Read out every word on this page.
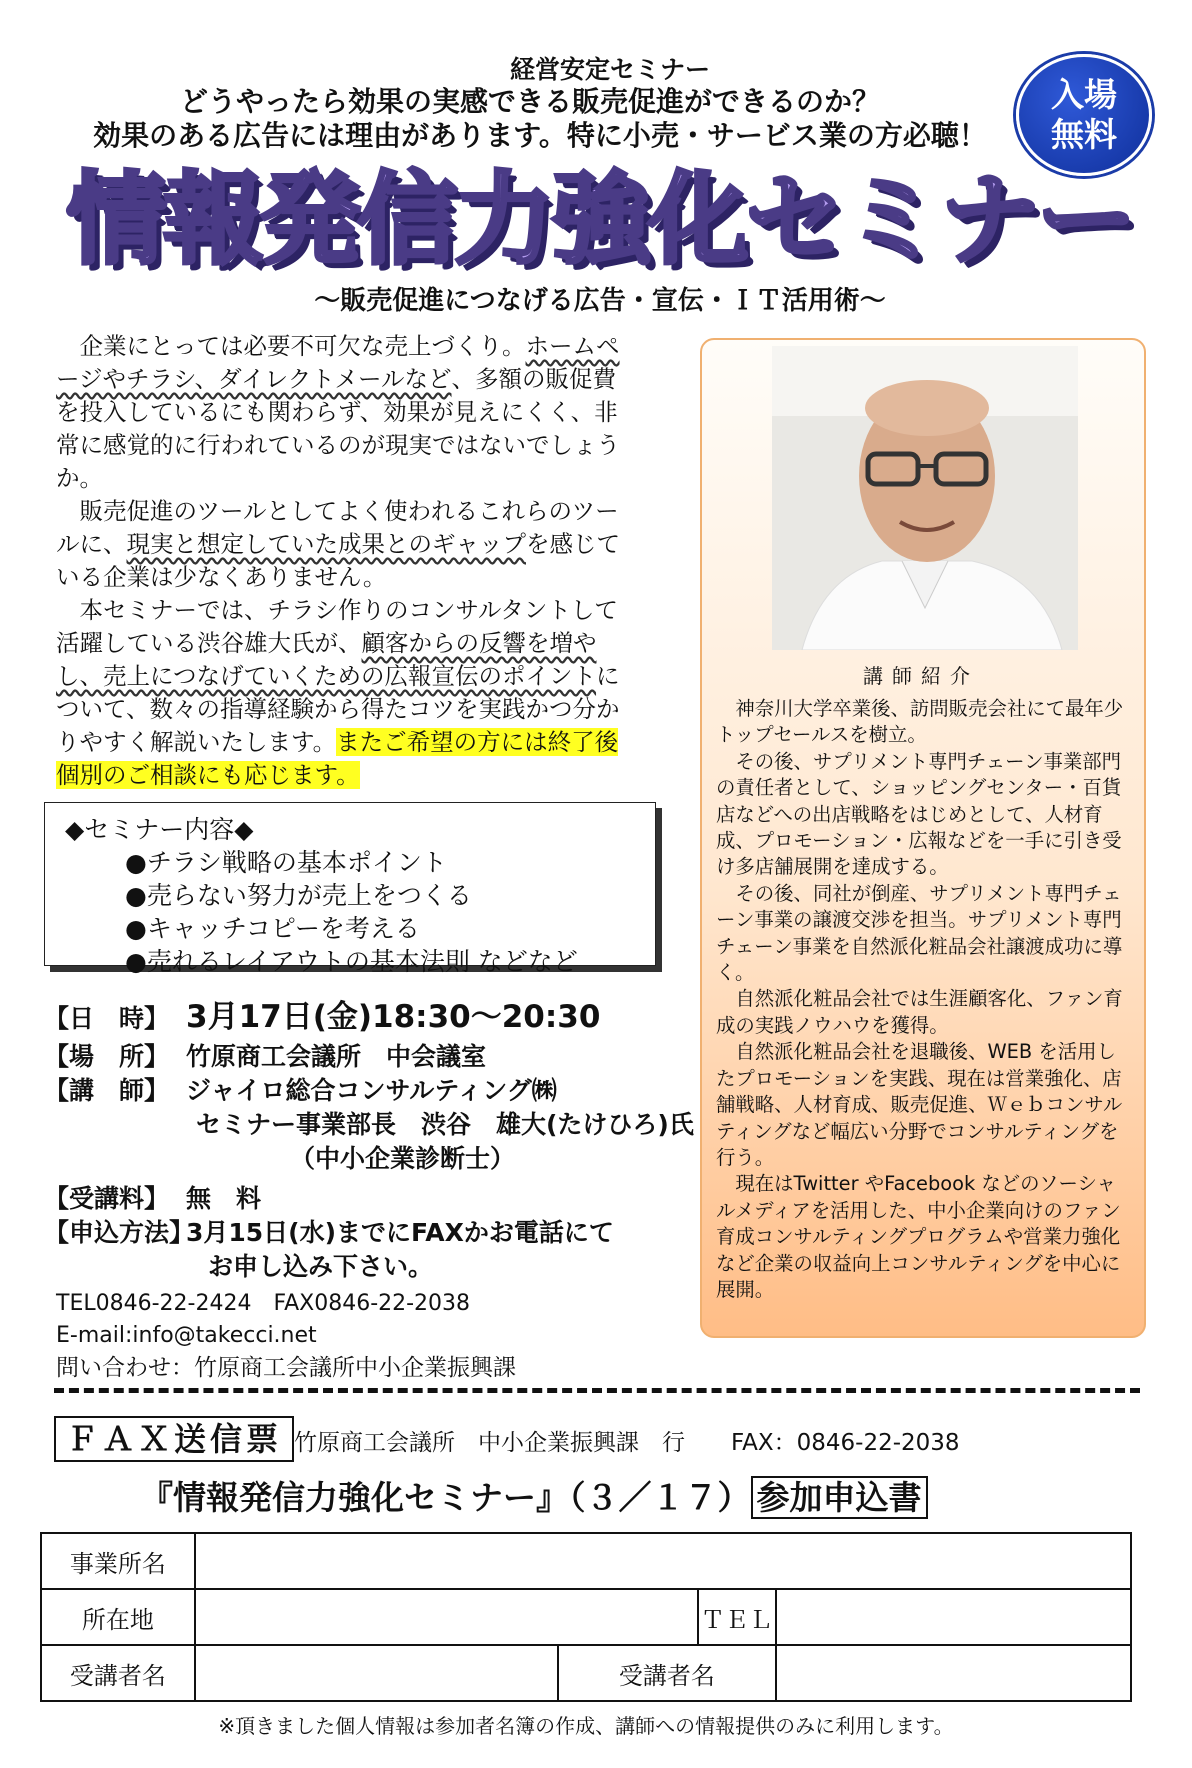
経営安定セミナー
どうやったら効果の実感できる販売促進ができるのか？
効果のある広告には理由があります。特に小売・サービス業の方必聴！
入場
無料
情報発信力強化セミナー
～販売促進につなげる広告・宣伝・ＩＴ活用術～

企業にとっては必要不可欠な売上づくり。ホームページやチラシ、ダイレクトメールなど、多額の販促費を投入しているにも関わらず、効果が見えにくく、非常に感覚的に行われているのが現実ではないでしょうか。

販売促進のツールとしてよく使われるこれらのツールに、現実と想定していた成果とのギャップを感じている企業は少なくありません。

本セミナーでは、チラシ作りのコンサルタントして活躍している渋谷雄大氏が、顧客からの反響を増やし、売上につなげていくための広報宣伝のポイントについて、数々の指導経験から得たコツを実践かつ分かりやすく解説いたします。またご希望の方には終了後個別のご相談にも応じます。

◆セミナー内容◆
●チラシ戦略の基本ポイント
●売らない努力が売上をつくる
●キャッチコピーを考える
●売れるレイアウトの基本法則 などなど
【日　時】 3月17日(金)18:30～20:30
【場　所】 竹原商工会議所　中会議室
【講　師】 ジャイロ総合コンサルティング㈱
セミナー事業部長　渋谷　雄大(たけひろ)氏
（中小企業診断士）
【受講料】 無　料
【申込方法】3月15日(水)までにFAXかお電話にて
お申し込み下さい。
TEL0846-22-2424　FAX0846-22-2038
E-mail:info@takecci.net
問い合わせ：竹原商工会議所中小企業振興課
講師紹介

神奈川大学卒業後、訪問販売会社にて最年少トップセールスを樹立。

その後、サプリメント専門チェーン事業部門の責任者として、ショッピングセンター・百貨店などへの出店戦略をはじめとして、人材育成、プロモーション・広報などを一手に引き受け多店舗展開を達成する。

その後、同社が倒産、サプリメント専門チェーン事業の譲渡交渉を担当。サプリメント専門チェーン事業を自然派化粧品会社譲渡成功に導く。

自然派化粧品会社では生涯顧客化、ファン育成の実践ノウハウを獲得。

自然派化粧品会社を退職後、WEB を活用したプロモーションを実践、現在は営業強化、店舗戦略、人材育成、販売促進、Ｗｅｂコンサルティングなど幅広い分野でコンサルティングを行う。

現在はTwitter やFacebook などのソーシャルメディアを活用した、中小企業向けのファン育成コンサルティングプログラムや営業力強化など企業の収益向上コンサルティングを中心に展開。

ＦＡＸ送信票 竹原商工会議所　中小企業振興課　行　　FAX：0846-22-2038
『情報発信力強化セミナー』（３／１７） 参加申込書
事業所名				
所在地			ＴＥＬ	
受講者名		受講者名		
※頂きました個人情報は参加者名簿の作成、講師への情報提供のみに利用します。
